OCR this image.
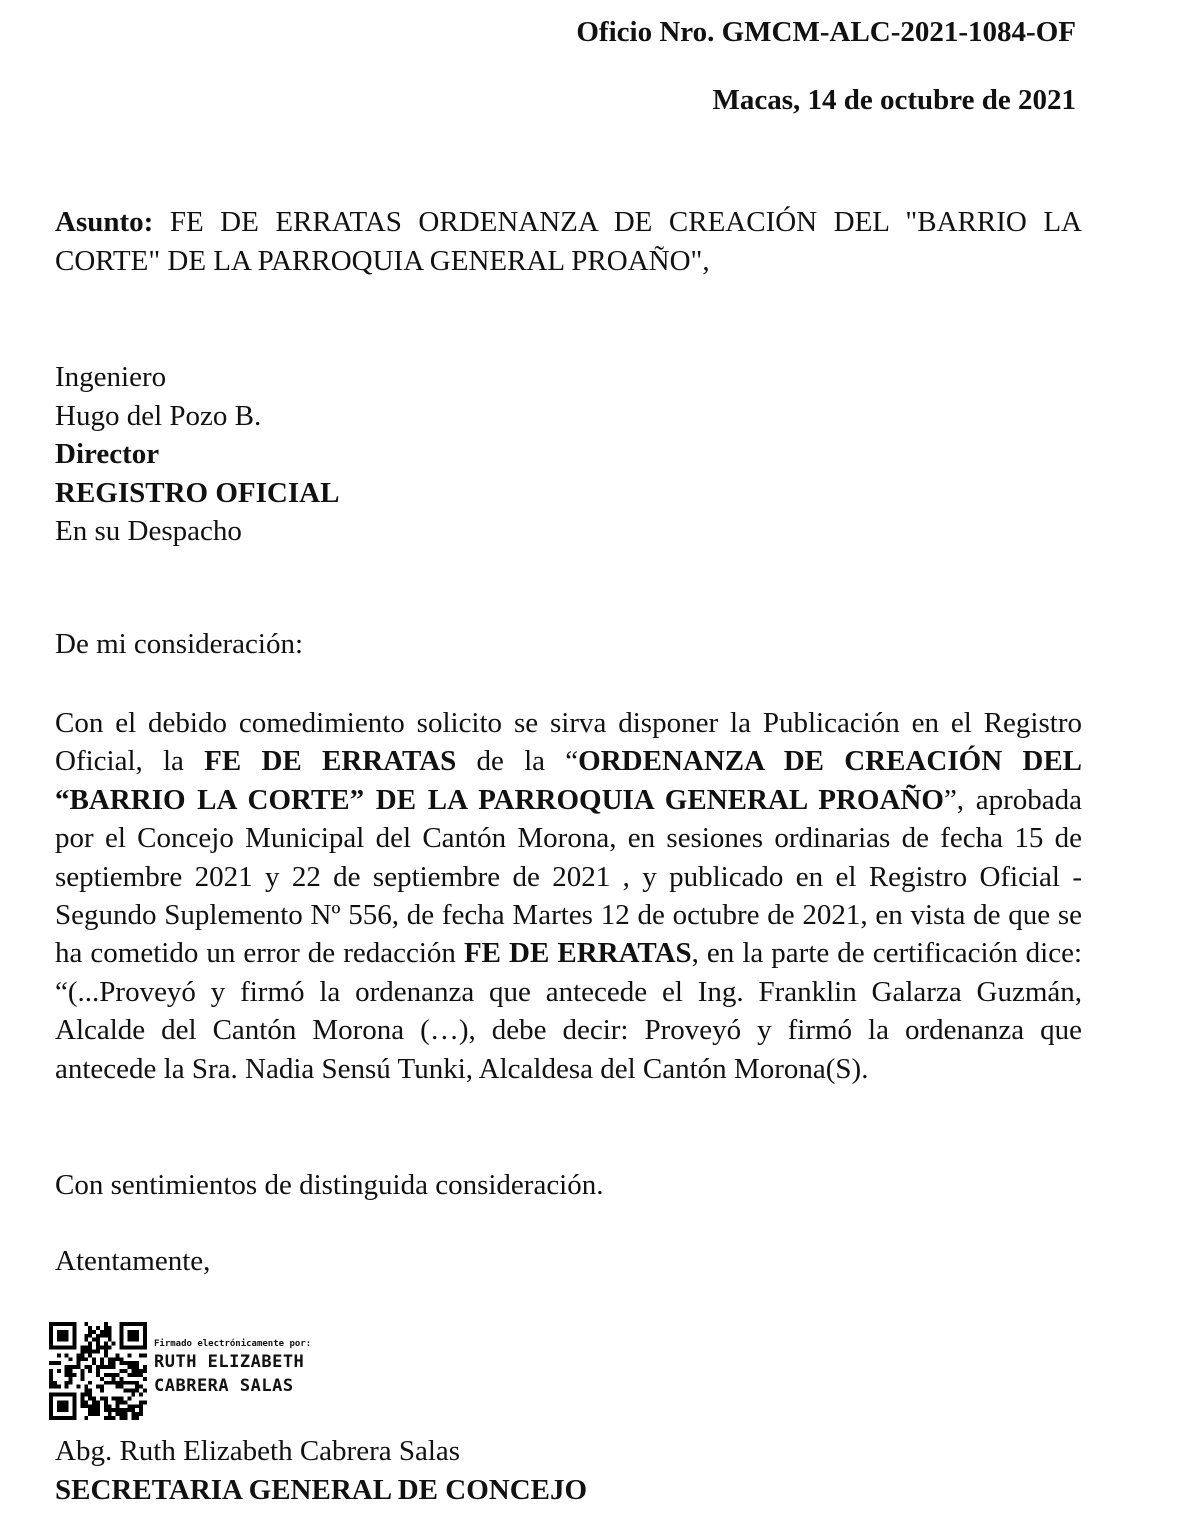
Oficio Nro. GMCM-ALC-2021-1084-OF
Macas, 14 de octubre de 2021
Asunto: FE DE ERRATAS ORDENANZA DE CREACIÓN DEL "BARRIO LA CORTE" DE LA PARROQUIA GENERAL PROAÑO",
Ingeniero
Hugo del Pozo B.
Director
REGISTRO OFICIAL
En su Despacho
De mi consideración:
Con el debido comedimiento solicito se sirva disponer la Publicación en el Registro Oficial, la FE DE ERRATAS de la “ORDENANZA DE CREACIÓN DEL “BARRIO LA CORTE” DE LA PARROQUIA GENERAL PROAÑO”, aprobada por el Concejo Municipal del Cantón Morona, en sesiones ordinarias de fecha 15 de septiembre 2021 y 22 de septiembre de 2021 , y publicado en el Registro Oficial - Segundo Suplemento Nº 556, de fecha Martes 12 de octubre de 2021, en vista de que se ha cometido un error de redacción FE DE ERRATAS, en la parte de certificación dice: “(...Proveyó y firmó la ordenanza que antecede el Ing. Franklin Galarza Guzmán, Alcalde del Cantón Morona (…), debe decir: Proveyó y firmó la ordenanza que antecede la Sra. Nadia Sensú Tunki, Alcaldesa del Cantón Morona(S).
Con sentimientos de distinguida consideración.
Atentamente,
Firmado electrónicamente por:
RUTH ELIZABETH
CABRERA SALAS
Abg. Ruth Elizabeth Cabrera Salas
SECRETARIA GENERAL DE CONCEJO
